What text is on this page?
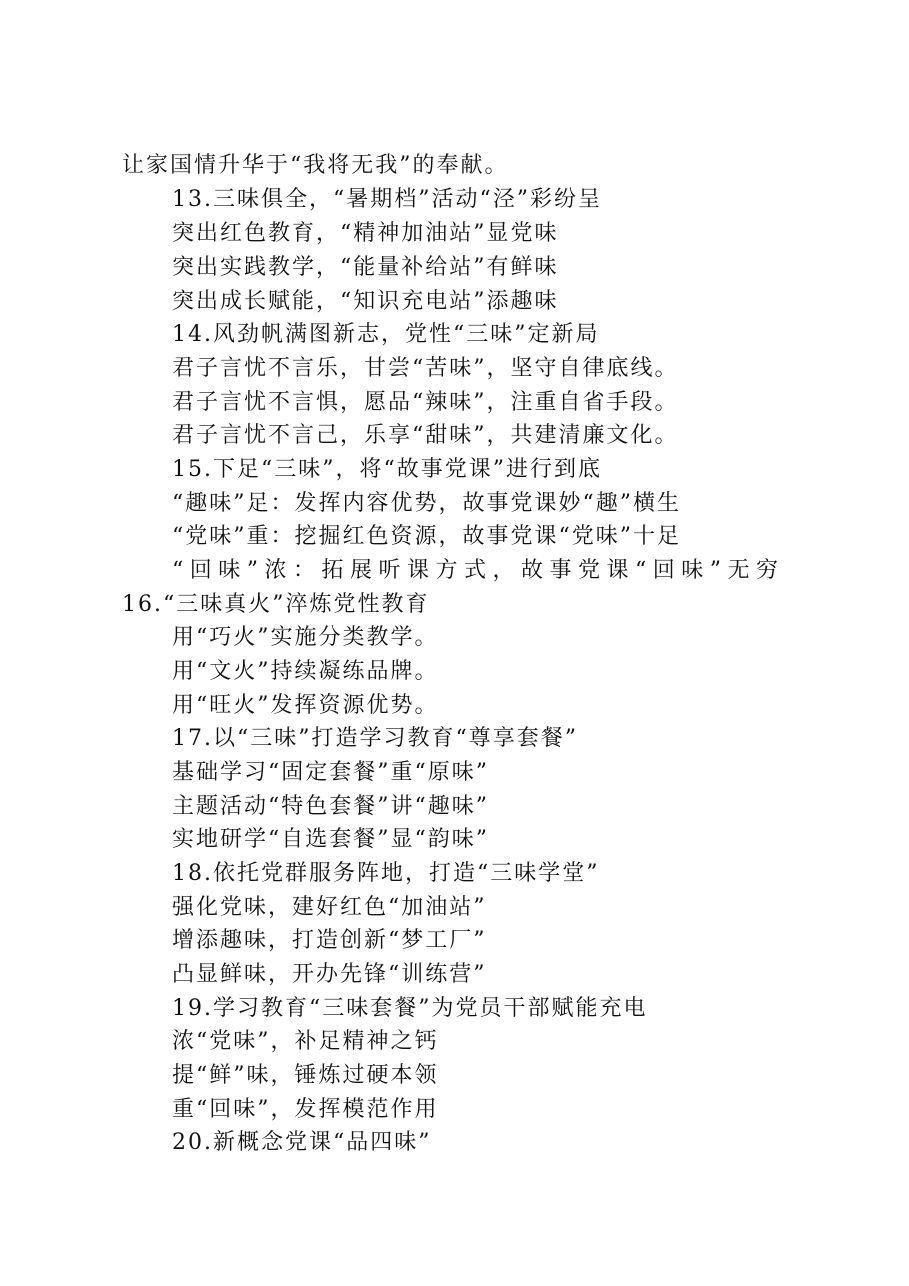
让家国情升华于“我将无我”的奉献。
13.三味俱全，“暑期档”活动“泾”彩纷呈
突出红色教育，“精神加油站”显党味
突出实践教学，“能量补给站”有鲜味
突出成长赋能，“知识充电站”添趣味
14.风劲帆满图新志，党性“三味”定新局
君子言忧不言乐，甘尝“苦味”，坚守自律底线。
君子言忧不言惧，愿品“辣味”，注重自省手段。
君子言忧不言己，乐享“甜味”，共建清廉文化。
15.下足“三味”，将“故事党课”进行到底
“趣味”足：发挥内容优势，故事党课妙“趣”横生
“党味”重：挖掘红色资源，故事党课“党味”十足
“回味”浓：拓展听课方式，故事党课“回味”无穷
16.“三味真火”淬炼党性教育
用“巧火”实施分类教学。
用“文火”持续凝练品牌。
用“旺火”发挥资源优势。
17.以“三味”打造学习教育“尊享套餐”
基础学习“固定套餐”重“原味”
主题活动“特色套餐”讲“趣味”
实地研学“自选套餐”显“韵味”
18.依托党群服务阵地，打造“三味学堂”
强化党味，建好红色“加油站”
增添趣味，打造创新“梦工厂”
凸显鲜味，开办先锋“训练营”
19.学习教育“三味套餐”为党员干部赋能充电
浓“党味”，补足精神之钙
提“鲜”味，锤炼过硬本领
重“回味”，发挥模范作用
20.新概念党课“品四味”
